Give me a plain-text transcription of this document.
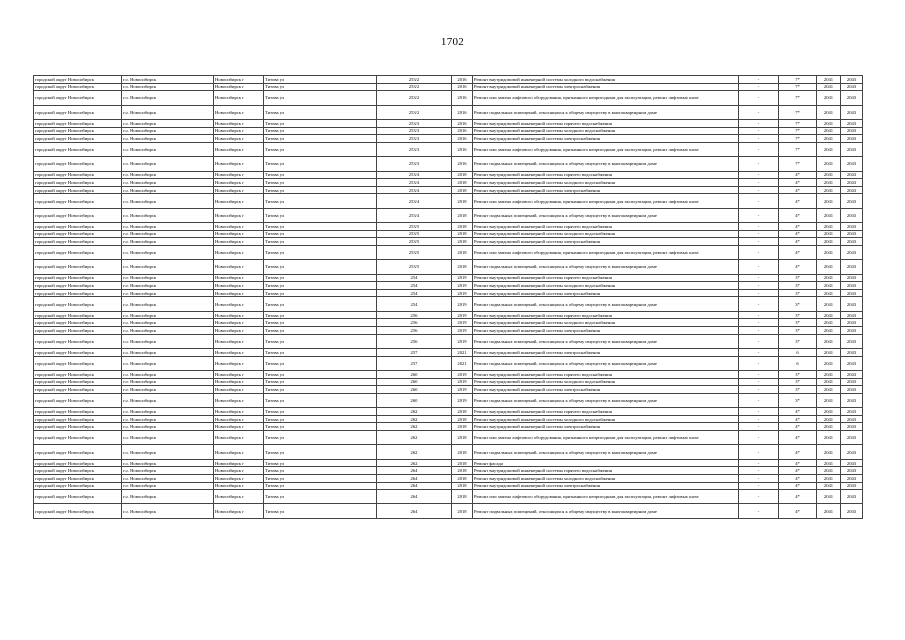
1702
городской округ Новосибирск	г.о. Новосибирск	Новосибирск г	Титова ул	253/2	2016	Ремонт внутридомовой инженерной системы холодного водоснабжения	-	7*	2041	2043
городской округ Новосибирск	г.о. Новосибирск	Новосибирск г	Титова ул	253/2	2016	Ремонт внутридомовой инженерной системы электроснабжения	-	7*	2041	2043
городской округ Новосибирск	г.о. Новосибирск	Новосибирск г	Титова ул	253/2	2016	Ремонт или замена лифтового оборудования, признанного непригодным для эксплуатации, ремонт лифтовых шахт	-	7*	2041	2043
городской округ Новосибирск	г.о. Новосибирск	Новосибирск г	Титова ул	253/2	2016	Ремонт подвальных помещений, относящихся к общему имуществу в многоквартирном доме	-	7*	2041	2043
городской округ Новосибирск	г.о. Новосибирск	Новосибирск г	Титова ул	253/3	2016	Ремонт внутридомовой инженерной системы горячего водоснабжения	-	7*	2041	2043
городской округ Новосибирск	г.о. Новосибирск	Новосибирск г	Титова ул	253/3	2016	Ремонт внутридомовой инженерной системы холодного водоснабжения	-	7*	2041	2043
городской округ Новосибирск	г.о. Новосибирск	Новосибирск г	Титова ул	253/3	2016	Ремонт внутридомовой инженерной системы электроснабжения	-	7*	2041	2043
городской округ Новосибирск	г.о. Новосибирск	Новосибирск г	Титова ул	253/3	2016	Ремонт или замена лифтового оборудования, признанного непригодным для эксплуатации, ремонт лифтовых шахт	-	7*	2041	2043
городской округ Новосибирск	г.о. Новосибирск	Новосибирск г	Титова ул	253/3	2016	Ремонт подвальных помещений, относящихся к общему имуществу в многоквартирном доме	-	7*	2041	2043
городской округ Новосибирск	г.о. Новосибирск	Новосибирск г	Титова ул	253/4	2018	Ремонт внутридомовой инженерной системы горячего водоснабжения	-	4*	2041	2043
городской округ Новосибирск	г.о. Новосибирск	Новосибирск г	Титова ул	253/4	2018	Ремонт внутридомовой инженерной системы холодного водоснабжения	-	4*	2041	2043
городской округ Новосибирск	г.о. Новосибирск	Новосибирск г	Титова ул	253/4	2018	Ремонт внутридомовой инженерной системы электроснабжения	-	4*	2041	2043
городской округ Новосибирск	г.о. Новосибирск	Новосибирск г	Титова ул	253/4	2018	Ремонт или замена лифтового оборудования, признанного непригодным для эксплуатации, ремонт лифтовых шахт	-	4*	2041	2043
городской округ Новосибирск	г.о. Новосибирск	Новосибирск г	Титова ул	253/4	2018	Ремонт подвальных помещений, относящихся к общему имуществу в многоквартирном доме	-	4*	2041	2043
городской округ Новосибирск	г.о. Новосибирск	Новосибирск г	Титова ул	253/5	2018	Ремонт внутридомовой инженерной системы горячего водоснабжения	-	4*	2041	2043
городской округ Новосибирск	г.о. Новосибирск	Новосибирск г	Титова ул	253/5	2018	Ремонт внутридомовой инженерной системы холодного водоснабжения	-	4*	2041	2043
городской округ Новосибирск	г.о. Новосибирск	Новосибирск г	Титова ул	253/5	2018	Ремонт внутридомовой инженерной системы электроснабжения	-	4*	2041	2043
городской округ Новосибирск	г.о. Новосибирск	Новосибирск г	Титова ул	253/5	2018	Ремонт или замена лифтового оборудования, признанного непригодным для эксплуатации, ремонт лифтовых шахт	-	4*	2041	2043
городской округ Новосибирск	г.о. Новосибирск	Новосибирск г	Титова ул	253/5	2018	Ремонт подвальных помещений, относящихся к общему имуществу в многоквартирном доме	-	4*	2041	2043
городской округ Новосибирск	г.о. Новосибирск	Новосибирск г	Титова ул	254	2019	Ремонт внутридомовой инженерной системы горячего водоснабжения	-	3*	2041	2043
городской округ Новосибирск	г.о. Новосибирск	Новосибирск г	Титова ул	254	2019	Ремонт внутридомовой инженерной системы холодного водоснабжения	-	3*	2041	2043
городской округ Новосибирск	г.о. Новосибирск	Новосибирск г	Титова ул	254	2019	Ремонт внутридомовой инженерной системы электроснабжения	-	3*	2041	2043
городской округ Новосибирск	г.о. Новосибирск	Новосибирск г	Титова ул	254	2019	Ремонт подвальных помещений, относящихся к общему имуществу в многоквартирном доме	-	3*	2041	2043
городской округ Новосибирск	г.о. Новосибирск	Новосибирск г	Титова ул	256	2019	Ремонт внутридомовой инженерной системы горячего водоснабжения	-	3*	2041	2043
городской округ Новосибирск	г.о. Новосибирск	Новосибирск г	Титова ул	256	2019	Ремонт внутридомовой инженерной системы холодного водоснабжения	-	3*	2041	2043
городской округ Новосибирск	г.о. Новосибирск	Новосибирск г	Титова ул	256	2019	Ремонт внутридомовой инженерной системы электроснабжения	-	3*	2041	2043
городской округ Новосибирск	г.о. Новосибирск	Новосибирск г	Титова ул	256	2019	Ремонт подвальных помещений, относящихся к общему имуществу в многоквартирном доме	-	3*	2041	2043
городской округ Новосибирск	г.о. Новосибирск	Новосибирск г	Титова ул	257	2021	Ремонт внутридомовой инженерной системы электроснабжения	-	6	2041	2043
городской округ Новосибирск	г.о. Новосибирск	Новосибирск г	Титова ул	257	2021	Ремонт подвальных помещений, относящихся к общему имуществу в многоквартирном доме	-	6	2041	2043
городской округ Новосибирск	г.о. Новосибирск	Новосибирск г	Титова ул	260	2019	Ремонт внутридомовой инженерной системы горячего водоснабжения	-	3*	2041	2043
городской округ Новосибирск	г.о. Новосибирск	Новосибирск г	Титова ул	260	2019	Ремонт внутридомовой инженерной системы холодного водоснабжения	-	3*	2041	2043
городской округ Новосибирск	г.о. Новосибирск	Новосибирск г	Титова ул	260	2019	Ремонт внутридомовой инженерной системы электроснабжения	-	3*	2041	2043
городской округ Новосибирск	г.о. Новосибирск	Новосибирск г	Титова ул	260	2019	Ремонт подвальных помещений, относящихся к общему имуществу в многоквартирном доме	-	3*	2041	2043
городской округ Новосибирск	г.о. Новосибирск	Новосибирск г	Титова ул	262	2018	Ремонт внутридомовой инженерной системы горячего водоснабжения	-	4*	2041	2043
городской округ Новосибирск	г.о. Новосибирск	Новосибирск г	Титова ул	262	2018	Ремонт внутридомовой инженерной системы холодного водоснабжения	-	4*	2041	2043
городской округ Новосибирск	г.о. Новосибирск	Новосибирск г	Титова ул	262	2018	Ремонт внутридомовой инженерной системы электроснабжения	-	4*	2041	2043
городской округ Новосибирск	г.о. Новосибирск	Новосибирск г	Титова ул	262	2018	Ремонт или замена лифтового оборудования, признанного непригодным для эксплуатации, ремонт лифтовых шахт	-	4*	2041	2043
городской округ Новосибирск	г.о. Новосибирск	Новосибирск г	Титова ул	262	2018	Ремонт подвальных помещений, относящихся к общему имуществу в многоквартирном доме	-	4*	2041	2043
городской округ Новосибирск	г.о. Новосибирск	Новосибирск г	Титова ул	262	2018	Ремонт фасада	-	4*	2041	2043
городской округ Новосибирск	г.о. Новосибирск	Новосибирск г	Титова ул	264	2018	Ремонт внутридомовой инженерной системы горячего водоснабжения	-	4*	2041	2043
городской округ Новосибирск	г.о. Новосибирск	Новосибирск г	Титова ул	264	2018	Ремонт внутридомовой инженерной системы холодного водоснабжения	-	4*	2041	2043
городской округ Новосибирск	г.о. Новосибирск	Новосибирск г	Титова ул	264	2018	Ремонт внутридомовой инженерной системы электроснабжения	-	4*	2041	2043
городской округ Новосибирск	г.о. Новосибирск	Новосибирск г	Титова ул	264	2018	Ремонт или замена лифтового оборудования, признанного непригодным для эксплуатации, ремонт лифтовых шахт	-	4*	2041	2043
городской округ Новосибирск	г.о. Новосибирск	Новосибирск г	Титова ул	264	2018	Ремонт подвальных помещений, относящихся к общему имуществу в многоквартирном доме	-	4*	2041	2043
